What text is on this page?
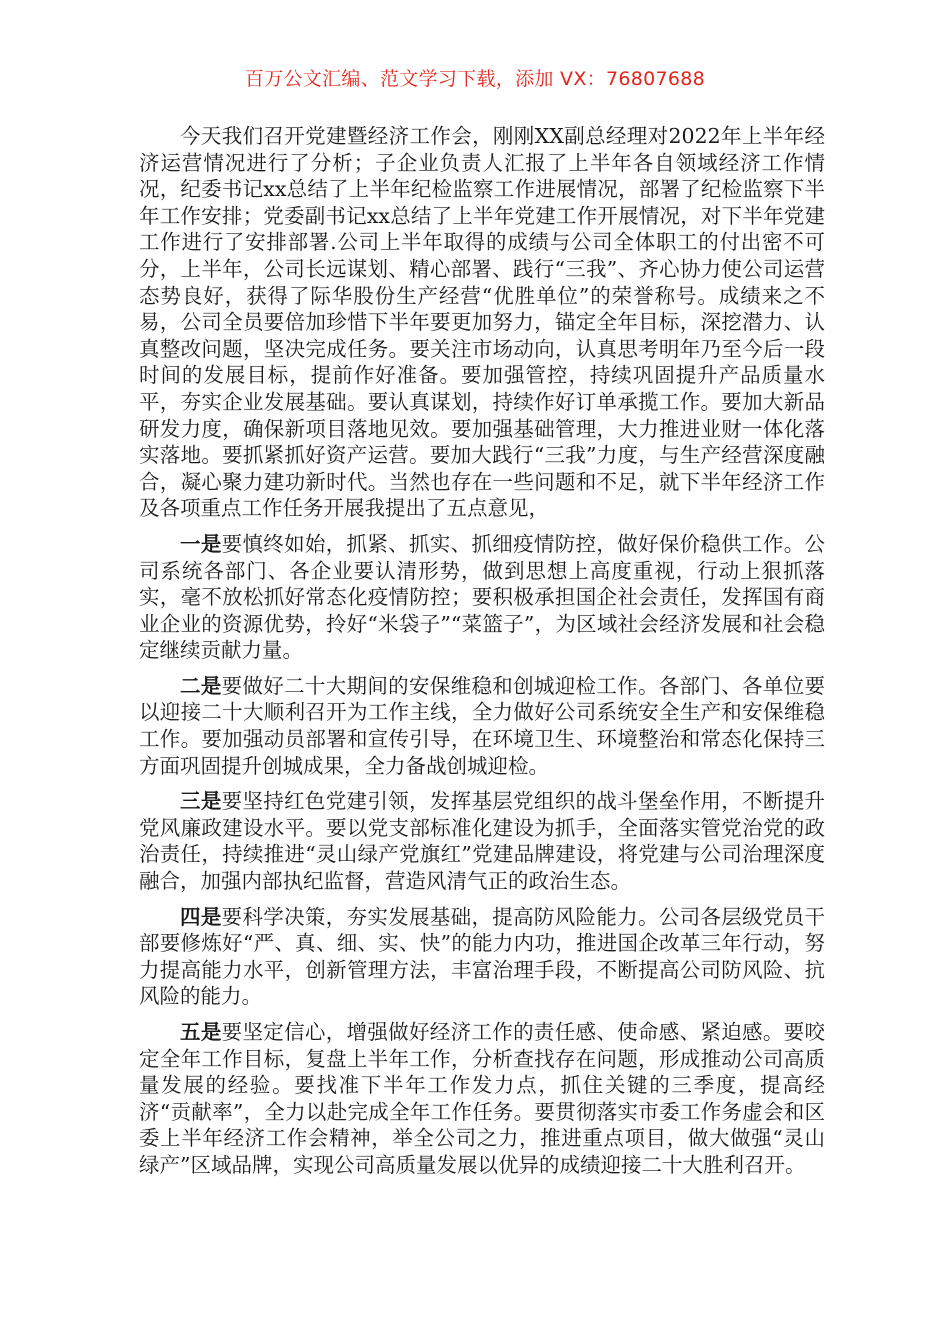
百万公文汇编、范文学习下载，添加 VX：76807688

今天我们召开党建暨经济工作会，刚刚XX副总经理对2022年上半年经济运营情况进行了分析；子企业负责人汇报了上半年各自领域经济工作情况，纪委书记xx总结了上半年纪检监察工作进展情况，部署了纪检监察下半年工作安排；党委副书记xx总结了上半年党建工作开展情况，对下半年党建工作进行了安排部署.公司上半年取得的成绩与公司全体职工的付出密不可分，上半年，公司长远谋划、精心部署、践行“三我”、齐心协力使公司运营态势良好，获得了际华股份生产经营“优胜单位”的荣誉称号。成绩来之不易，公司全员要倍加珍惜下半年要更加努力，锚定全年目标，深挖潜力、认真整改问题，坚决完成任务。要关注市场动向，认真思考明年乃至今后一段时间的发展目标，提前作好准备。要加强管控，持续巩固提升产品质量水平，夯实企业发展基础。要认真谋划，持续作好订单承揽工作。要加大新品研发力度，确保新项目落地见效。要加强基础管理，大力推进业财一体化落实落地。要抓紧抓好资产运营。要加大践行“三我”力度，与生产经营深度融合，凝心聚力建功新时代。当然也存在一些问题和不足，就下半年经济工作及各项重点工作任务开展我提出了五点意见，

一是要慎终如始，抓紧、抓实、抓细疫情防控，做好保价稳供工作。公司系统各部门、各企业要认清形势，做到思想上高度重视，行动上狠抓落实，毫不放松抓好常态化疫情防控；要积极承担国企社会责任，发挥国有商业企业的资源优势，拎好“米袋子”“菜篮子”，为区域社会经济发展和社会稳定继续贡献力量。

二是要做好二十大期间的安保维稳和创城迎检工作。各部门、各单位要以迎接二十大顺利召开为工作主线，全力做好公司系统安全生产和安保维稳工作。要加强动员部署和宣传引导，在环境卫生、环境整治和常态化保持三方面巩固提升创城成果，全力备战创城迎检。

三是要坚持红色党建引领，发挥基层党组织的战斗堡垒作用，不断提升党风廉政建设水平。要以党支部标准化建设为抓手，全面落实管党治党的政治责任，持续推进“灵山绿产党旗红”党建品牌建设，将党建与公司治理深度融合，加强内部执纪监督，营造风清气正的政治生态。

四是要科学决策，夯实发展基础，提高防风险能力。公司各层级党员干部要修炼好“严、真、细、实、快”的能力内功，推进国企改革三年行动，努力提高能力水平，创新管理方法，丰富治理手段，不断提高公司防风险、抗风险的能力。

五是要坚定信心，增强做好经济工作的责任感、使命感、紧迫感。要咬定全年工作目标，复盘上半年工作，分析查找存在问题，形成推动公司高质量发展的经验。要找准下半年工作发力点，抓住关键的三季度，提高经济“贡献率”，全力以赴完成全年工作任务。要贯彻落实市委工作务虚会和区委上半年经济工作会精神，举全公司之力，推进重点项目，做大做强“灵山绿产”区域品牌，实现公司高质量发展以优异的成绩迎接二十大胜利召开。
